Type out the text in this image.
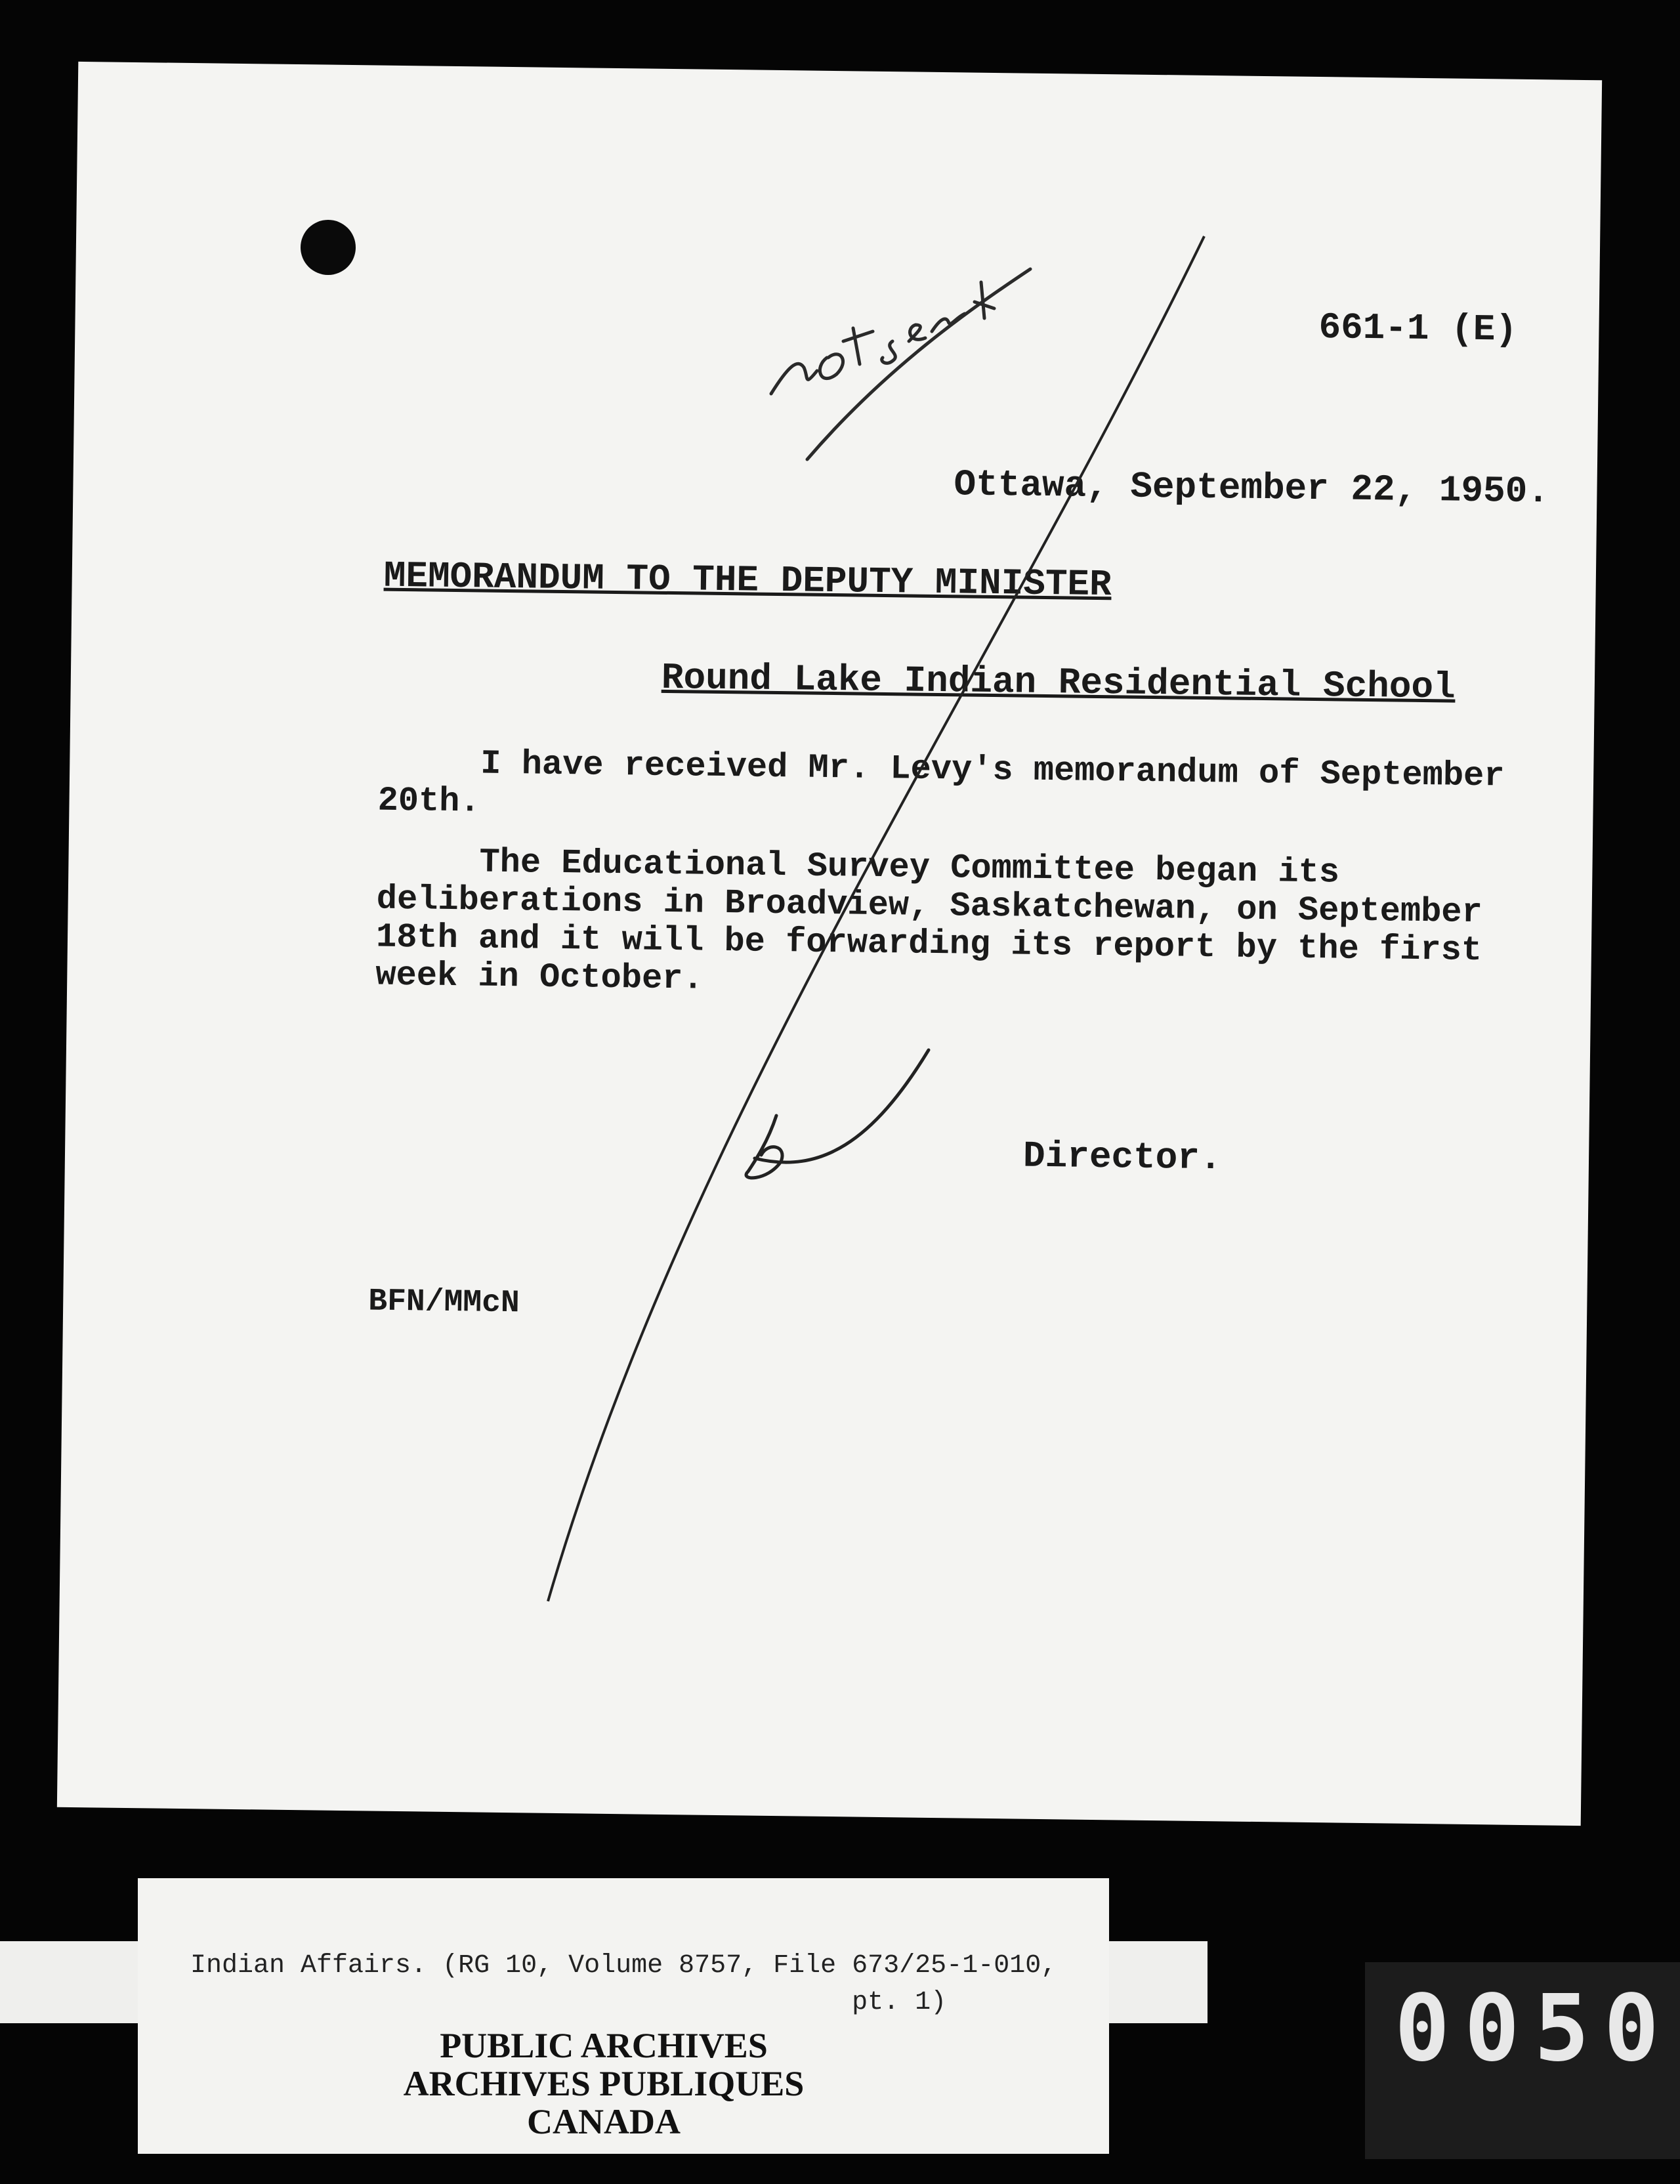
661-1 (E)
Ottawa, September 22, 1950.
MEMORANDUM TO THE DEPUTY MINISTER
Round Lake Indian Residential School
I have received Mr. Levy's memorandum of September
20th.
The Educational Survey Committee began its
deliberations in Broadview, Saskatchewan, on September
18th and it will be forwarding its report by the first
week in October.
Director.
BFN/MMcN
Indian Affairs. (RG 10, Volume 8757, File 673/25-1-010,
pt. 1)
PUBLIC ARCHIVES
ARCHIVES PUBLIQUES
CANADA
0050
